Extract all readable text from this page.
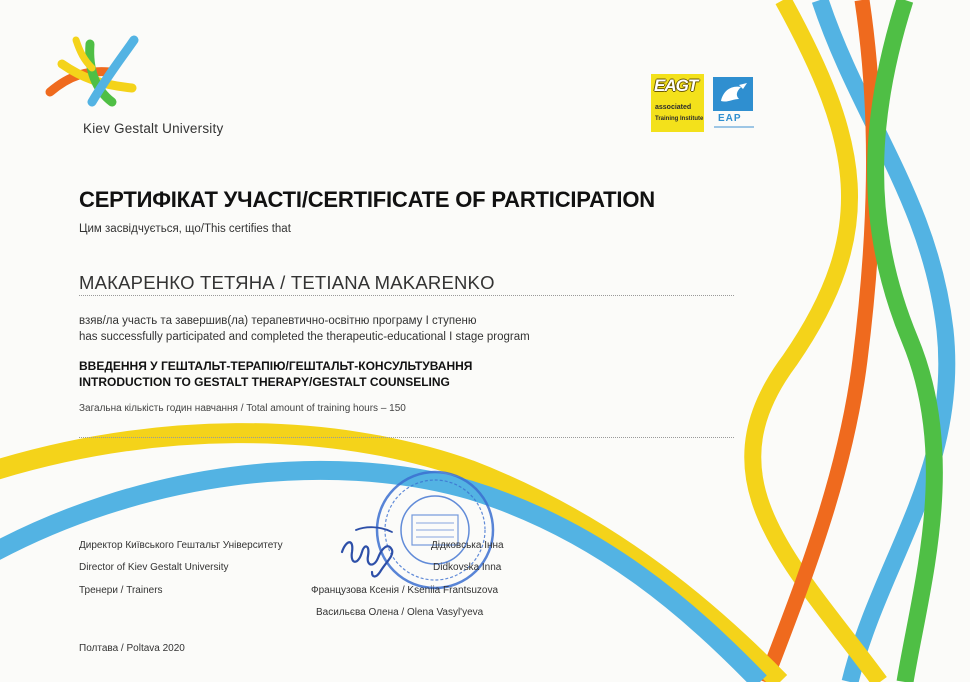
Kiev Gestalt University
EAGT
associated
Training Institute EAP
СЕРТИФІКАТ УЧАСТІ/CERTIFICATE OF PARTICIPATION
Цим засвідчується, що/This certifies that
МАКАРЕНКО ТЕТЯНА / TETIANA MAKARENKO
взяв/ла участь та завершив(ла) терапевтично-освітню програму I ступеню
has successfully participated and completed the therapeutic-educational I stage program
ВВЕДЕННЯ У ГЕШТАЛЬТ-ТЕРАПІЮ/ГЕШТАЛЬТ-КОНСУЛЬТУВАННЯ
INTRODUCTION TO GESTALT THERAPY/GESTALT COUNSELING
Загальна кількість годин навчання / Total amount of training hours – 150
Директор Київського Гештальт Університету
Director of Kiev Gestalt University
Тренери / Trainers
Дідковська Інна
Didkovska Inna
Французова Ксенія / Kseniia Frantsuzova
Васильєва Олена / Olena Vasyl'yeva
Полтава / Poltava 2020
